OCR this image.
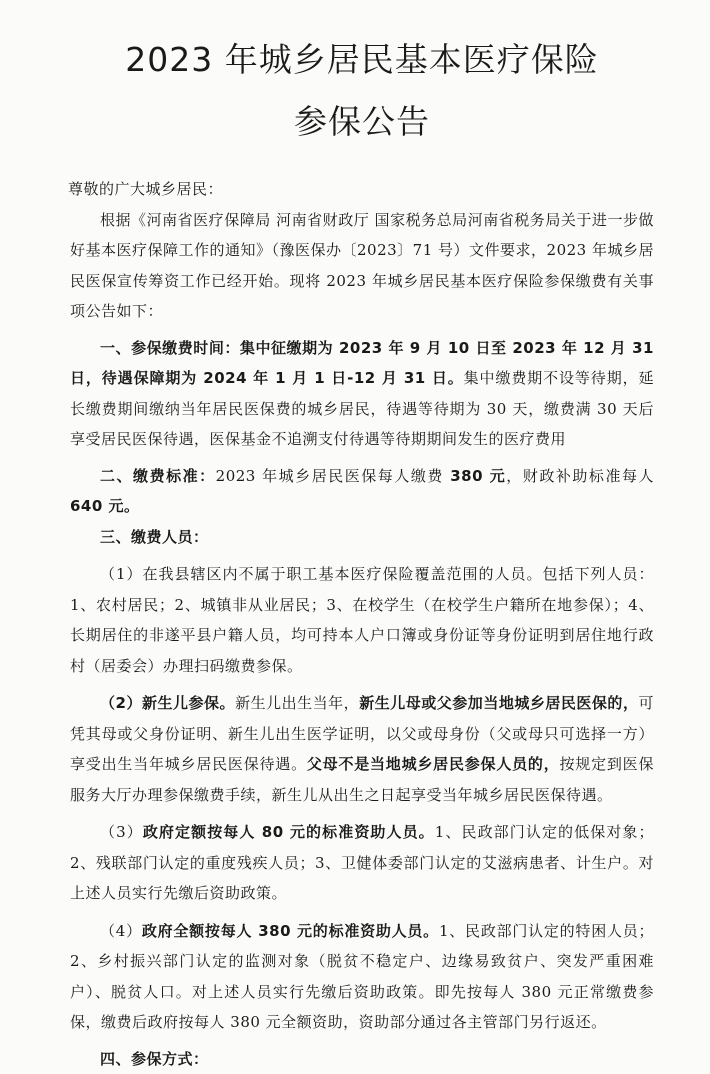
2023 年城乡居民基本医疗保险
参保公告

尊敬的广大城乡居民：

根据《河南省医疗保障局 河南省财政厅 国家税务总局河南省税务局关于进一步做好基本医疗保障工作的通知》（豫医保办〔2023〕71 号）文件要求，2023 年城乡居民医保宣传筹资工作已经开始。现将 2023 年城乡居民基本医疗保险参保缴费有关事项公告如下：

一、参保缴费时间：集中征缴期为 2023 年 9 月 10 日至 2023 年 12 月 31 日，待遇保障期为 2024 年 1 月 1 日-12 月 31 日。集中缴费期不设等待期，延长缴费期间缴纳当年居民医保费的城乡居民，待遇等待期为 30 天，缴费满 30 天后享受居民医保待遇，医保基金不追溯支付待遇等待期期间发生的医疗费用

二、缴费标准：2023 年城乡居民医保每人缴费 380 元，财政补助标准每人 640 元。

三、缴费人员：

（1）在我县辖区内不属于职工基本医疗保险覆盖范围的人员。包括下列人员：1、农村居民；2、城镇非从业居民；3、在校学生（在校学生户籍所在地参保）；4、长期居住的非遂平县户籍人员，均可持本人户口簿或身份证等身份证明到居住地行政村（居委会）办理扫码缴费参保。

（2）新生儿参保。新生儿出生当年，新生儿母或父参加当地城乡居民医保的，可凭其母或父身份证明、新生儿出生医学证明，以父或母身份（父或母只可选择一方）享受出生当年城乡居民医保待遇。父母不是当地城乡居民参保人员的，按规定到医保服务大厅办理参保缴费手续，新生儿从出生之日起享受当年城乡居民医保待遇。

（3）政府定额按每人 80 元的标准资助人员。1、民政部门认定的低保对象；2、残联部门认定的重度残疾人员；3、卫健体委部门认定的艾滋病患者、计生户。对上述人员实行先缴后资助政策。

（4）政府全额按每人 380 元的标准资助人员。1、民政部门认定的特困人员；2、乡村振兴部门认定的监测对象（脱贫不稳定户、边缘易致贫户、突发严重困难户）、脱贫人口。对上述人员实行先缴后资助政策。即先按每人 380 元正常缴费参保，缴费后政府按每人 380 元全额资助，资助部分通过各主管部门另行返还。

四、参保方式：
